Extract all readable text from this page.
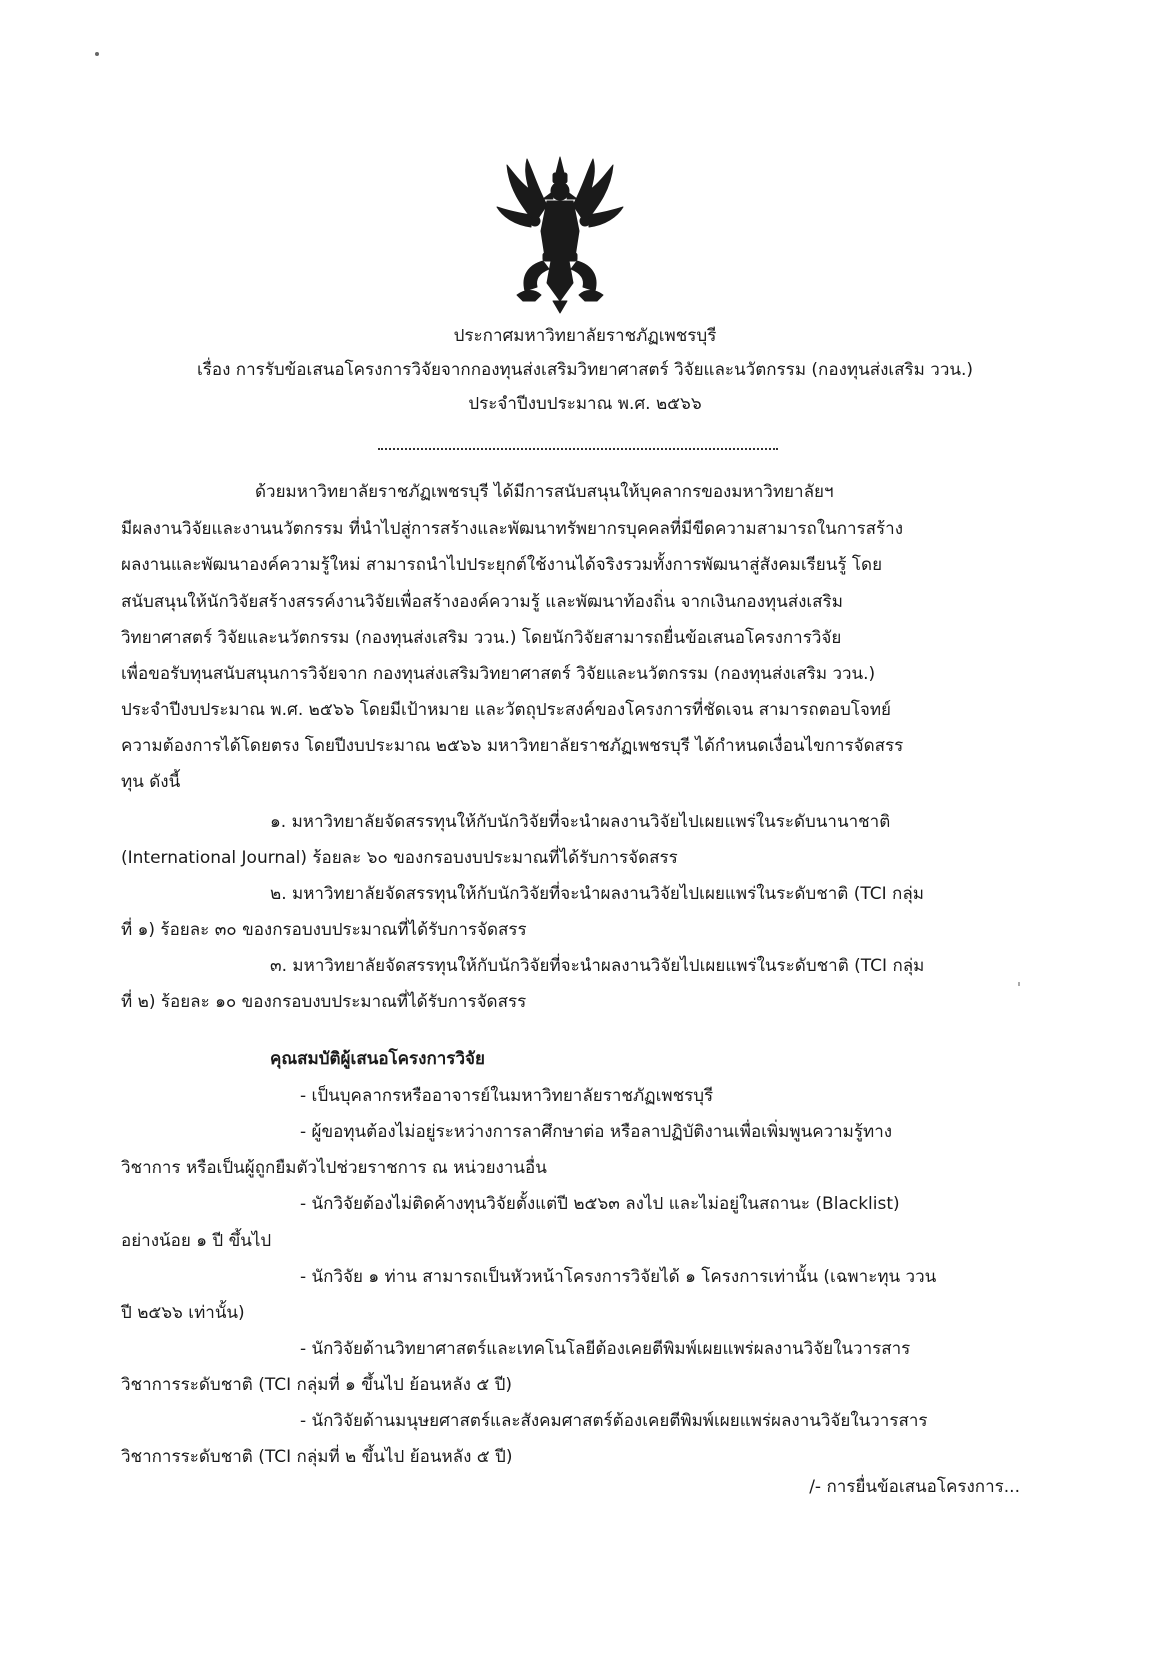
ประกาศมหาวิทยาลัยราชภัฏเพชรบุรี
เรื่อง การรับข้อเสนอโครงการวิจัยจากกองทุนส่งเสริมวิทยาศาสตร์ วิจัยและนวัตกรรม (กองทุนส่งเสริม ววน.)
ประจำปีงบประมาณ พ.ศ. ๒๕๖๖
ด้วยมหาวิทยาลัยราชภัฏเพชรบุรี ได้มีการสนับสนุนให้บุคลากรของมหาวิทยาลัยฯ
มีผลงานวิจัยและงานนวัตกรรม ที่นำไปสู่การสร้างและพัฒนาทรัพยากรบุคคลที่มีขีดความสามารถในการสร้าง
ผลงานและพัฒนาองค์ความรู้ใหม่ สามารถนำไปประยุกต์ใช้งานได้จริงรวมทั้งการพัฒนาสู่สังคมเรียนรู้ โดย
สนับสนุนให้นักวิจัยสร้างสรรค์งานวิจัยเพื่อสร้างองค์ความรู้ และพัฒนาท้องถิ่น จากเงินกองทุนส่งเสริม
วิทยาศาสตร์ วิจัยและนวัตกรรม (กองทุนส่งเสริม ววน.) โดยนักวิจัยสามารถยื่นข้อเสนอโครงการวิจัย
เพื่อขอรับทุนสนับสนุนการวิจัยจาก กองทุนส่งเสริมวิทยาศาสตร์ วิจัยและนวัตกรรม (กองทุนส่งเสริม ววน.)
ประจำปีงบประมาณ พ.ศ. ๒๕๖๖ โดยมีเป้าหมาย และวัตถุประสงค์ของโครงการที่ชัดเจน สามารถตอบโจทย์
ความต้องการได้โดยตรง โดยปีงบประมาณ ๒๕๖๖ มหาวิทยาลัยราชภัฏเพชรบุรี ได้กำหนดเงื่อนไขการจัดสรร
ทุน ดังนี้
๑. มหาวิทยาลัยจัดสรรทุนให้กับนักวิจัยที่จะนำผลงานวิจัยไปเผยแพร่ในระดับนานาชาติ
(International Journal) ร้อยละ ๖๐ ของกรอบงบประมาณที่ได้รับการจัดสรร
๒. มหาวิทยาลัยจัดสรรทุนให้กับนักวิจัยที่จะนำผลงานวิจัยไปเผยแพร่ในระดับชาติ (TCI กลุ่ม
ที่ ๑) ร้อยละ ๓๐ ของกรอบงบประมาณที่ได้รับการจัดสรร
๓. มหาวิทยาลัยจัดสรรทุนให้กับนักวิจัยที่จะนำผลงานวิจัยไปเผยแพร่ในระดับชาติ (TCI กลุ่ม
ที่ ๒) ร้อยละ ๑๐ ของกรอบงบประมาณที่ได้รับการจัดสรร
คุณสมบัติผู้เสนอโครงการวิจัย
- เป็นบุคลากรหรืออาจารย์ในมหาวิทยาลัยราชภัฏเพชรบุรี
- ผู้ขอทุนต้องไม่อยู่ระหว่างการลาศึกษาต่อ หรือลาปฏิบัติงานเพื่อเพิ่มพูนความรู้ทาง
วิชาการ หรือเป็นผู้ถูกยืมตัวไปช่วยราชการ ณ หน่วยงานอื่น
- นักวิจัยต้องไม่ติดค้างทุนวิจัยตั้งแต่ปี ๒๕๖๓ ลงไป และไม่อยู่ในสถานะ (Blacklist)
อย่างน้อย ๑ ปี ขึ้นไป
- นักวิจัย ๑ ท่าน สามารถเป็นหัวหน้าโครงการวิจัยได้ ๑ โครงการเท่านั้น (เฉพาะทุน ววน
ปี ๒๕๖๖ เท่านั้น)
- นักวิจัยด้านวิทยาศาสตร์และเทคโนโลยีต้องเคยตีพิมพ์เผยแพร่ผลงานวิจัยในวารสาร
วิชาการระดับชาติ (TCI กลุ่มที่ ๑ ขึ้นไป ย้อนหลัง ๕ ปี)
- นักวิจัยด้านมนุษยศาสตร์และสังคมศาสตร์ต้องเคยตีพิมพ์เผยแพร่ผลงานวิจัยในวารสาร
วิชาการระดับชาติ (TCI กลุ่มที่ ๒ ขึ้นไป ย้อนหลัง ๕ ปี)
/- การยื่นข้อเสนอโครงการ...
